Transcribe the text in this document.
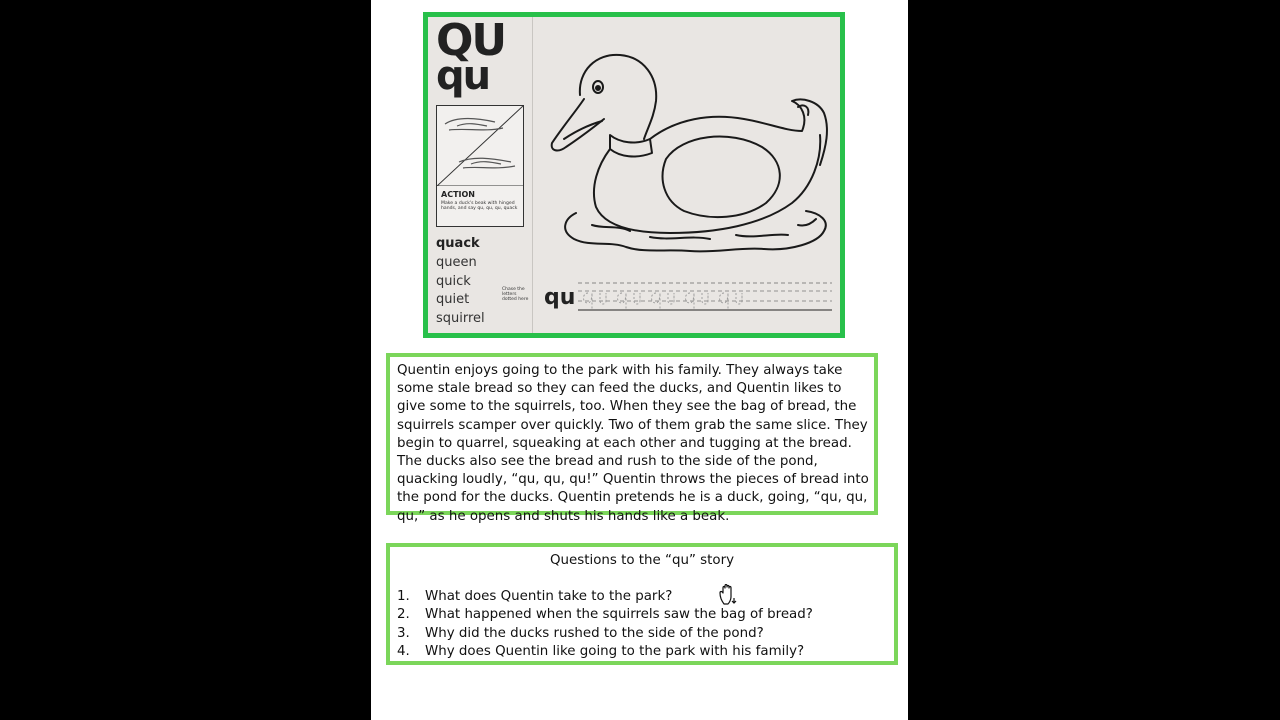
QU
qu
ACTION
Make a duck's beak with hinged hands, and say qu, qu, qu, quack
quack
queen
quick
quiet
squirrel
Chase the letters dotted here qu

Quentin enjoys going to the park with his family. They always take some stale bread so they can feed the ducks, and Quentin likes to give some to the squirrels, too. When they see the bag of bread, the squirrels scamper over quickly. Two of them grab the same slice. They begin to quarrel, squeaking at each other and tugging at the bread. The ducks also see the bread and rush to the side of the pond, quacking loudly, “qu, qu, qu!” Quentin throws the pieces of bread into the pond for the ducks. Quentin pretends he is a duck, going, “qu, qu, qu,” as he opens and shuts his hands like a beak.

Questions to the “qu” story
1. What does Quentin take to the park?
2. What happened when the squirrels saw the bag of bread?
3. Why did the ducks rushed to the side of the pond?
4. Why does Quentin like going to the park with his family?
